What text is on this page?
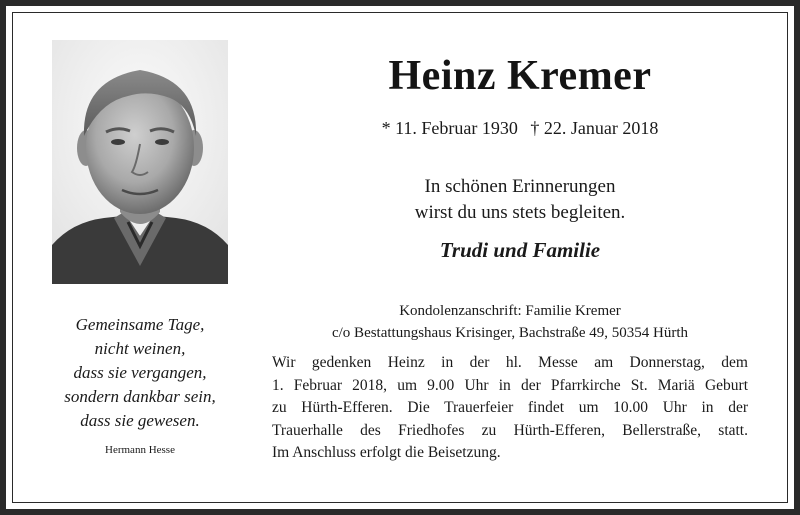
Heinz Kremer
* 11. Februar 1930 † 22. Januar 2018
In schönen Erinnerungen
wirst du uns stets begleiten.
Trudi und Familie
Kondolenzanschrift: Familie Kremer
c/o Bestattungshaus Krisinger, Bachstraße 49, 50354 Hürth
Wir gedenken Heinz in der hl. Messe am Donnerstag, dem
1. Februar 2018, um 9.00 Uhr in der Pfarrkirche St. Mariä Geburt
zu Hürth-Efferen. Die Trauerfeier findet um 10.00 Uhr in der
Trauerhalle des Friedhofes zu Hürth-Efferen, Bellerstraße, statt.
Im Anschluss erfolgt die Beisetzung.
Gemeinsame Tage,
nicht weinen,
dass sie vergangen,
sondern dankbar sein,
dass sie gewesen.
Hermann Hesse
